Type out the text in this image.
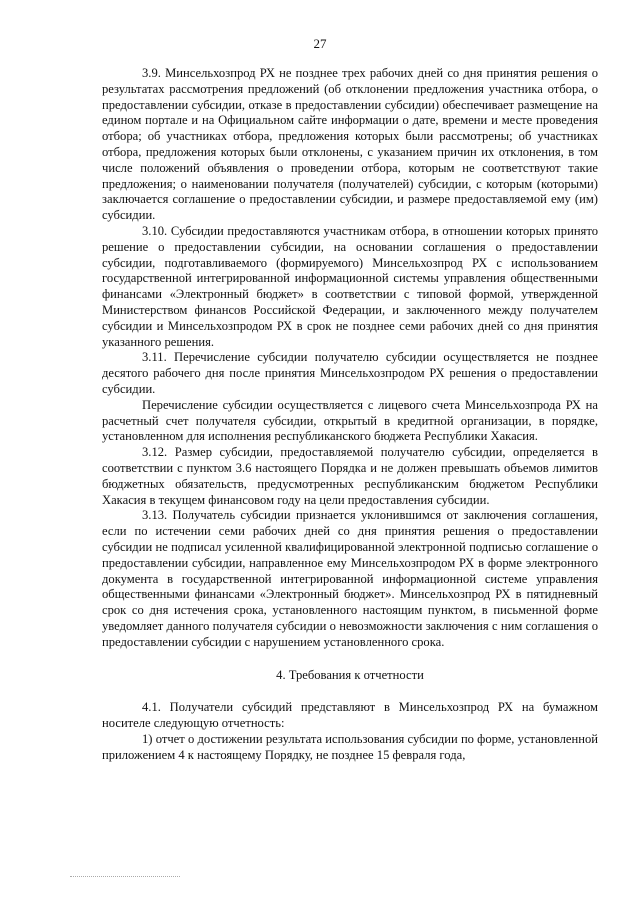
27

3.9. Минсельхозпрод РХ не позднее трех рабочих дней со дня принятия решения о результатах рассмотрения предложений (об отклонении предложения участника отбора, о предоставлении субсидии, отказе в предоставлении субсидии) обеспечивает размещение на едином портале и на Официальном сайте информации о дате, времени и месте проведения отбора; об участниках отбора, предложения которых были рассмотрены; об участниках отбора, предложения которых были отклонены, с указанием причин их отклонения, в том числе положений объявления о проведении отбора, которым не соответствуют такие предложения; о наименовании получателя (получателей) субсидии, с которым (которыми) заключается соглашение о предоставлении субсидии, и размере предоставляемой ему (им) субсидии.

3.10. Субсидии предоставляются участникам отбора, в отношении которых принято решение о предоставлении субсидии, на основании соглашения о предоставлении субсидии, подготавливаемого (формируемого) Минсельхозпрод РХ с использованием государственной интегрированной информационной системы управления общественными финансами «Электронный бюджет» в соответствии с типовой формой, утвержденной Министерством финансов Российской Федерации, и заключенного между получателем субсидии и Минсельхозпродом РХ в срок не позднее семи рабочих дней со дня принятия указанного решения.

3.11. Перечисление субсидии получателю субсидии осуществляется не позднее десятого рабочего дня после принятия Минсельхозпродом РХ решения о предоставлении субсидии.

Перечисление субсидии осуществляется с лицевого счета Минсельхозпрода РХ на расчетный счет получателя субсидии, открытый в кредитной организации, в порядке, установленном для исполнения республиканского бюджета Республики Хакасия.

3.12. Размер субсидии, предоставляемой получателю субсидии, определяется в соответствии с пунктом 3.6 настоящего Порядка и не должен превышать объемов лимитов бюджетных обязательств, предусмотренных республиканским бюджетом Республики Хакасия в текущем финансовом году на цели предоставления субсидии.

3.13. Получатель субсидии признается уклонившимся от заключения соглашения, если по истечении семи рабочих дней со дня принятия решения о предоставлении субсидии не подписал усиленной квалифицированной электронной подписью соглашение о предоставлении субсидии, направленное ему Минсельхозпродом РХ в форме электронного документа в государственной интегрированной информационной системе управления общественными финансами «Электронный бюджет». Минсельхозпрод РХ в пятидневный срок со дня истечения срока, установленного настоящим пунктом, в письменной форме уведомляет данного получателя субсидии о невозможности заключения с ним соглашения о предоставлении субсидии с нарушением установленного срока.

4. Требования к отчетности

4.1. Получатели субсидий представляют в Минсельхозпрод РХ на бумажном носителе следующую отчетность:

1) отчет о достижении результата использования субсидии по форме, установленной приложением 4 к настоящему Порядку, не позднее 15 февраля года,
